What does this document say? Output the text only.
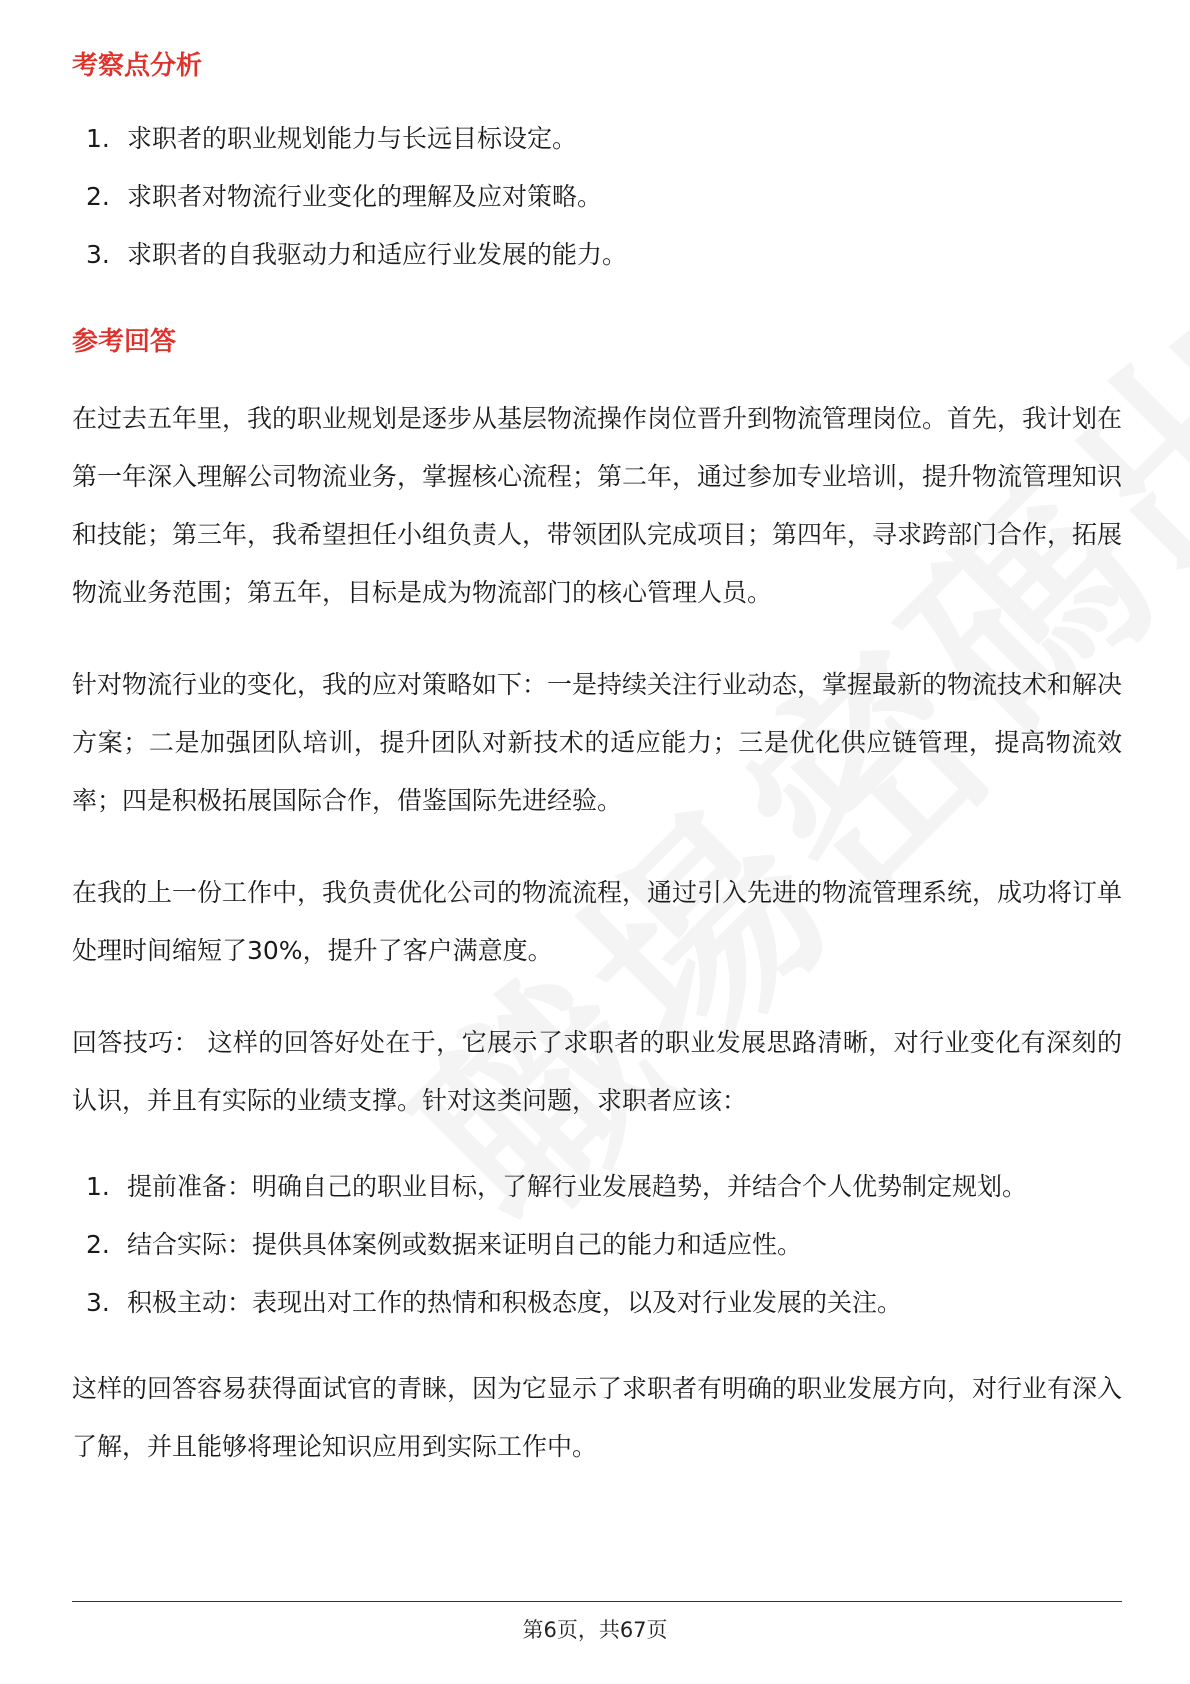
考察点分析
1. 求职者的职业规划能力与长远目标设定。
2. 求职者对物流行业变化的理解及应对策略。
3. 求职者的自我驱动力和适应行业发展的能力。
参考回答

在过去五年里，我的职业规划是逐步从基层物流操作岗位晋升到物流管理岗位。首先，我计划在第一年深入理解公司物流业务，掌握核心流程；第二年，通过参加专业培训，提升物流管理知识和技能；第三年，我希望担任小组负责人，带领团队完成项目；第四年，寻求跨部门合作，拓展物流业务范围；第五年，目标是成为物流部门的核心管理人员。

针对物流行业的变化，我的应对策略如下：一是持续关注行业动态，掌握最新的物流技术和解决方案；二是加强团队培训，提升团队对新技术的适应能力；三是优化供应链管理，提高物流效率；四是积极拓展国际合作，借鉴国际先进经验。

在我的上一份工作中，我负责优化公司的物流流程，通过引入先进的物流管理系统，成功将订单处理时间缩短了30%，提升了客户满意度。

回答技巧： 这样的回答好处在于，它展示了求职者的职业发展思路清晰，对行业变化有深刻的认识，并且有实际的业绩支撑。针对这类问题，求职者应该：

1. 提前准备：明确自己的职业目标，了解行业发展趋势，并结合个人优势制定规划。
2. 结合实际：提供具体案例或数据来证明自己的能力和适应性。
3. 积极主动：表现出对工作的热情和积极态度，以及对行业发展的关注。

这样的回答容易获得面试官的青睐，因为它显示了求职者有明确的职业发展方向，对行业有深入了解，并且能够将理论知识应用到实际工作中。

第6页，共67页
